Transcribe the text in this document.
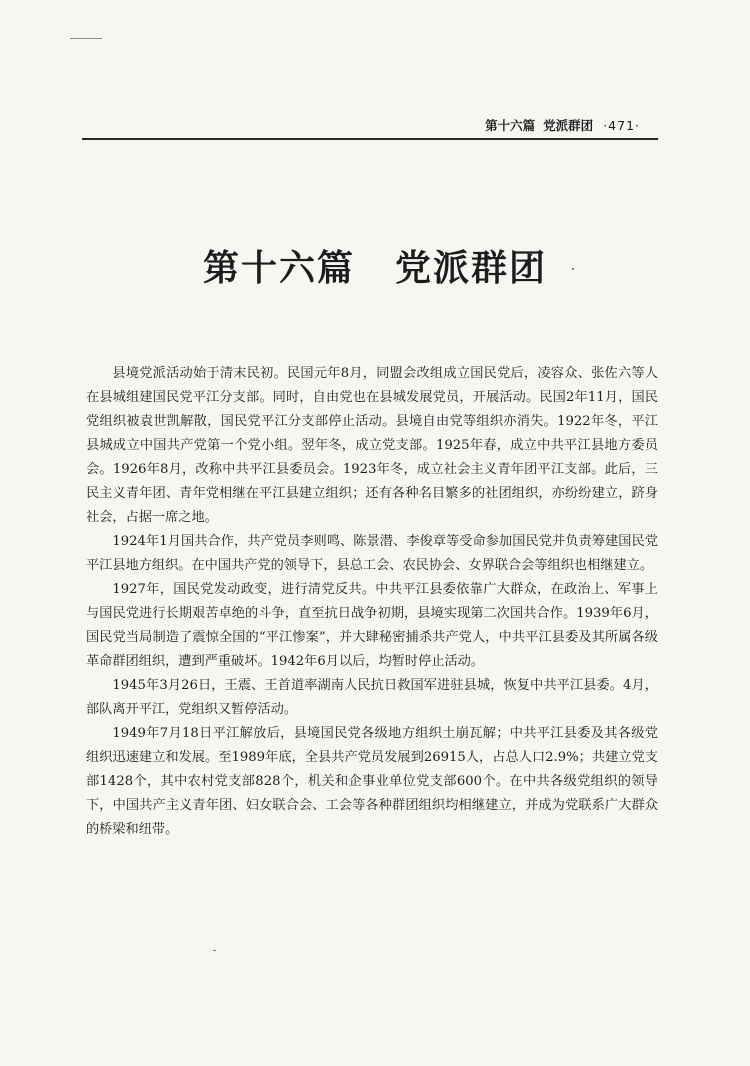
第十六篇 党派群团 ·471·
第十六篇 党派群团

县境党派活动始于清末民初。民国元年8月，同盟会改组成立国民党后，凌容众、张佐六等人在县城组建国民党平江分支部。同时，自由党也在县城发展党员，开展活动。民国2年11月，国民党组织被袁世凯解散，国民党平江分支部停止活动。县境自由党等组织亦消失。1922年冬，平江县城成立中国共产党第一个党小组。翌年冬，成立党支部。1925年春，成立中共平江县地方委员会。1926年8月，改称中共平江县委员会。1923年冬，成立社会主义青年团平江支部。此后，三民主义青年团、青年党相继在平江县建立组织；还有各种名目繁多的社团组织，亦纷纷建立，跻身社会，占据一席之地。

1924年1月国共合作，共产党员李则鸣、陈景潜、李俊章等受命参加国民党并负责筹建国民党平江县地方组织。在中国共产党的领导下，县总工会、农民协会、女界联合会等组织也相继建立。

1927年，国民党发动政变，进行清党反共。中共平江县委依靠广大群众，在政治上、军事上与国民党进行长期艰苦卓绝的斗争，直至抗日战争初期，县境实现第二次国共合作。1939年6月，国民党当局制造了震惊全国的“平江惨案”，并大肆秘密捕杀共产党人，中共平江县委及其所属各级革命群团组织，遭到严重破坏。1942年6月以后，均暂时停止活动。

1945年3月26日，王震、王首道率湖南人民抗日救国军进驻县城，恢复中共平江县委。4月，部队离开平江，党组织又暂停活动。

1949年7月18日平江解放后，县境国民党各级地方组织土崩瓦解；中共平江县委及其各级党组织迅速建立和发展。至1989年底，全县共产党员发展到26915人，占总人口2.9%；共建立党支部1428个，其中农村党支部828个，机关和企事业单位党支部600个。在中共各级党组织的领导下，中国共产主义青年团、妇女联合会、工会等各种群团组织均相继建立，并成为党联系广大群众的桥梁和纽带。
